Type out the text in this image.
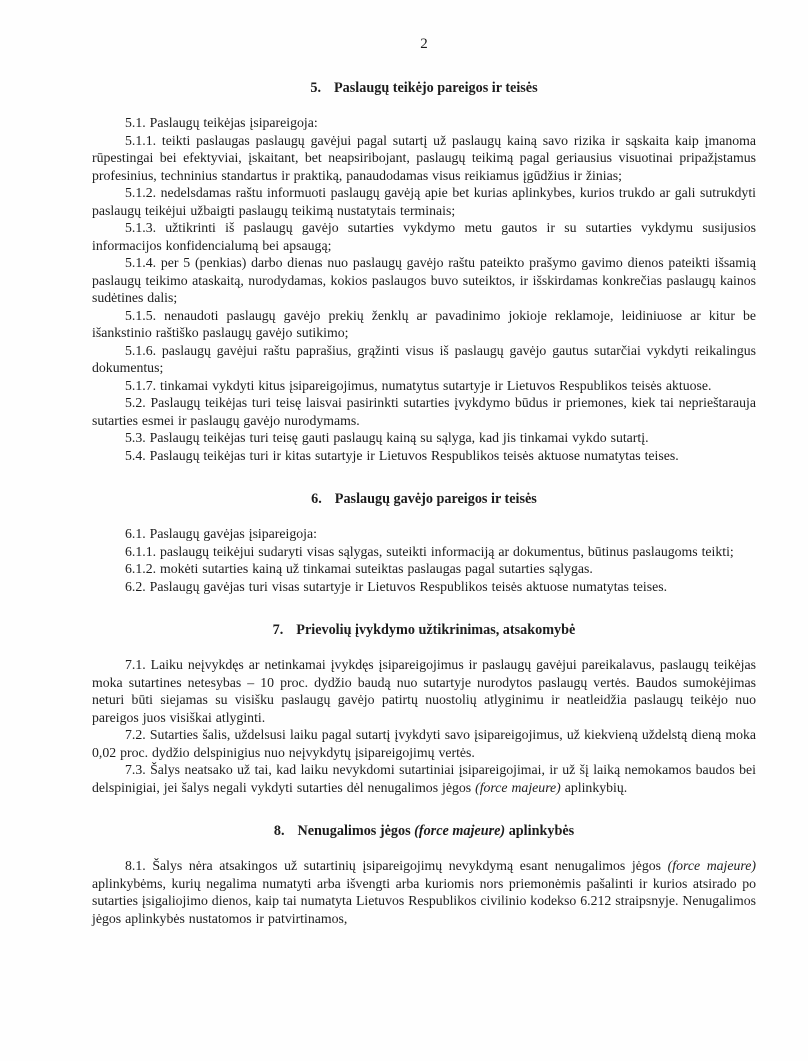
2

5. Paslaugų teikėjo pareigos ir teisės

5.1. Paslaugų teikėjas įsipareigoja:

5.1.1. teikti paslaugas paslaugų gavėjui pagal sutartį už paslaugų kainą savo rizika ir sąskaita kaip įmanoma rūpestingai bei efektyviai, įskaitant, bet neapsiribojant, paslaugų teikimą pagal geriausius visuotinai pripažįstamus profesinius, techninius standartus ir praktiką, panaudodamas visus reikiamus įgūdžius ir žinias;

5.1.2. nedelsdamas raštu informuoti paslaugų gavėją apie bet kurias aplinkybes, kurios trukdo ar gali sutrukdyti paslaugų teikėjui užbaigti paslaugų teikimą nustatytais terminais;

5.1.3. užtikrinti iš paslaugų gavėjo sutarties vykdymo metu gautos ir su sutarties vykdymu susijusios informacijos konfidencialumą bei apsaugą;

5.1.4. per 5 (penkias) darbo dienas nuo paslaugų gavėjo raštu pateikto prašymo gavimo dienos pateikti išsamią paslaugų teikimo ataskaitą, nurodydamas, kokios paslaugos buvo suteiktos, ir išskirdamas konkrečias paslaugų kainos sudėtines dalis;

5.1.5. nenaudoti paslaugų gavėjo prekių ženklų ar pavadinimo jokioje reklamoje, leidiniuose ar kitur be išankstinio raštiško paslaugų gavėjo sutikimo;

5.1.6. paslaugų gavėjui raštu paprašius, grąžinti visus iš paslaugų gavėjo gautus sutarčiai vykdyti reikalingus dokumentus;

5.1.7. tinkamai vykdyti kitus įsipareigojimus, numatytus sutartyje ir Lietuvos Respublikos teisės aktuose.

5.2. Paslaugų teikėjas turi teisę laisvai pasirinkti sutarties įvykdymo būdus ir priemones, kiek tai neprieštarauja sutarties esmei ir paslaugų gavėjo nurodymams.

5.3. Paslaugų teikėjas turi teisę gauti paslaugų kainą su sąlyga, kad jis tinkamai vykdo sutartį.

5.4. Paslaugų teikėjas turi ir kitas sutartyje ir Lietuvos Respublikos teisės aktuose numatytas teises.

6. Paslaugų gavėjo pareigos ir teisės

6.1. Paslaugų gavėjas įsipareigoja:

6.1.1. paslaugų teikėjui sudaryti visas sąlygas, suteikti informaciją ar dokumentus, būtinus paslaugoms teikti;

6.1.2. mokėti sutarties kainą už tinkamai suteiktas paslaugas pagal sutarties sąlygas.

6.2. Paslaugų gavėjas turi visas sutartyje ir Lietuvos Respublikos teisės aktuose numatytas teises.

7. Prievolių įvykdymo užtikrinimas, atsakomybė

7.1. Laiku neįvykdęs ar netinkamai įvykdęs įsipareigojimus ir paslaugų gavėjui pareikalavus, paslaugų teikėjas moka sutartines netesybas – 10 proc. dydžio baudą nuo sutartyje nurodytos paslaugų vertės. Baudos sumokėjimas neturi būti siejamas su visišku paslaugų gavėjo patirtų nuostolių atlyginimu ir neatleidžia paslaugų teikėjo nuo pareigos juos visiškai atlyginti.

7.2. Sutarties šalis, uždelsusi laiku pagal sutartį įvykdyti savo įsipareigojimus, už kiekvieną uždelstą dieną moka 0,02 proc. dydžio delspinigius nuo neįvykdytų įsipareigojimų vertės.

7.3. Šalys neatsako už tai, kad laiku nevykdomi sutartiniai įsipareigojimai, ir už šį laiką nemokamos baudos bei delspinigiai, jei šalys negali vykdyti sutarties dėl nenugalimos jėgos (force majeure) aplinkybių.

8. Nenugalimos jėgos (force majeure) aplinkybės

8.1. Šalys nėra atsakingos už sutartinių įsipareigojimų nevykdymą esant nenugalimos jėgos (force majeure) aplinkybėms, kurių negalima numatyti arba išvengti arba kuriomis nors priemonėmis pašalinti ir kurios atsirado po sutarties įsigaliojimo dienos, kaip tai numatyta Lietuvos Respublikos civilinio kodekso 6.212 straipsnyje. Nenugalimos jėgos aplinkybės nustatomos ir patvirtinamos,
